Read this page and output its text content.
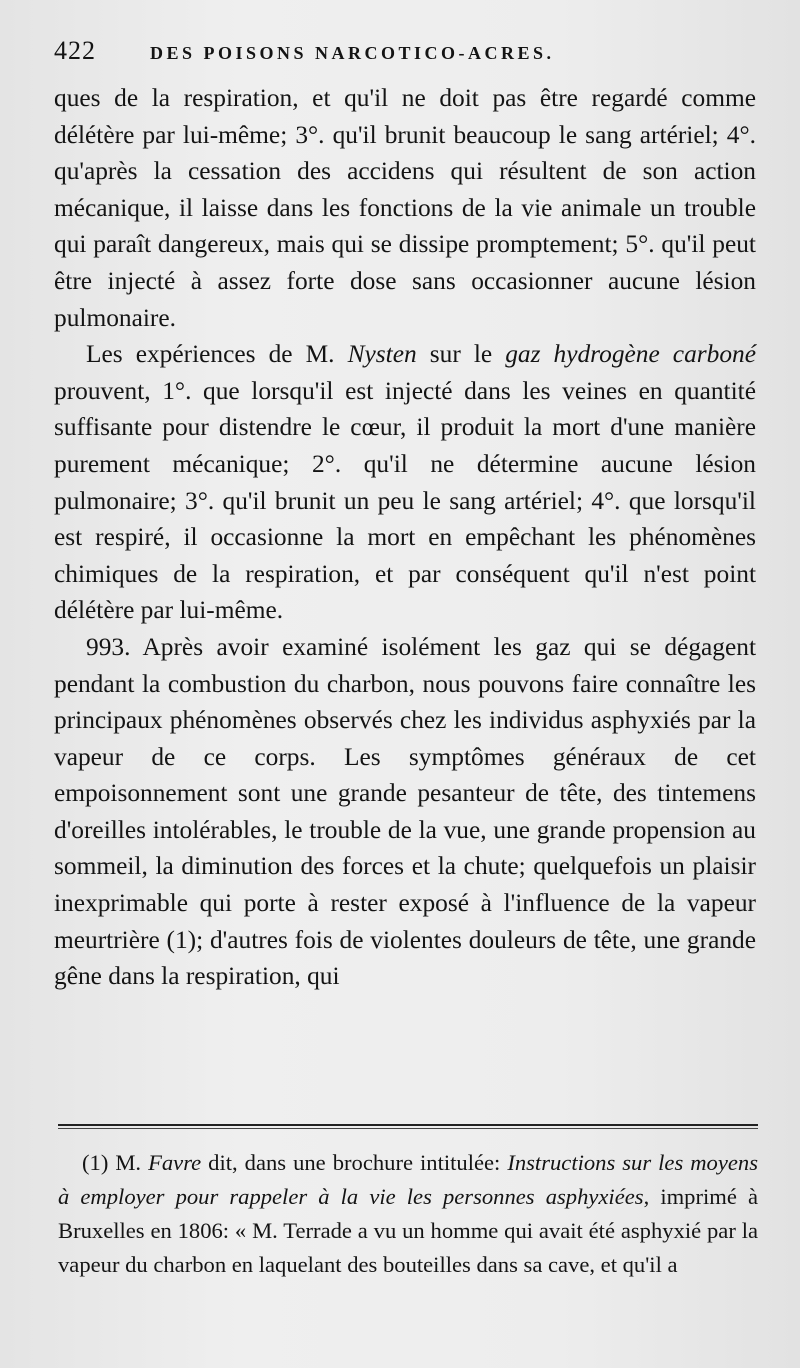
422	DES POISONS NARCOTICO-ACRES.

ques de la respiration, et qu'il ne doit pas être regardé comme délétère par lui-même; 3°. qu'il brunit beaucoup le sang artériel; 4°. qu'après la cessation des accidens qui résultent de son action mécanique, il laisse dans les fonctions de la vie animale un trouble qui paraît dangereux, mais qui se dissipe promptement; 5°. qu'il peut être injecté à assez forte dose sans occasionner aucune lésion pulmonaire.

Les expériences de M. Nysten sur le gaz hydrogène carboné prouvent, 1°. que lorsqu'il est injecté dans les veines en quantité suffisante pour distendre le cœur, il produit la mort d'une manière purement mécanique; 2°. qu'il ne détermine aucune lésion pulmonaire; 3°. qu'il brunit un peu le sang artériel; 4°. que lorsqu'il est respiré, il occasionne la mort en empêchant les phénomènes chimiques de la respiration, et par conséquent qu'il n'est point délétère par lui-même.

993. Après avoir examiné isolément les gaz qui se dégagent pendant la combustion du charbon, nous pouvons faire connaître les principaux phénomènes observés chez les individus asphyxiés par la vapeur de ce corps. Les symptômes généraux de cet empoisonnement sont une grande pesanteur de tête, des tintemens d'oreilles intolérables, le trouble de la vue, une grande propension au sommeil, la diminution des forces et la chute; quelquefois un plaisir inexprimable qui porte à rester exposé à l'influence de la vapeur meurtrière (1); d'autres fois de violentes douleurs de tête, une grande gêne dans la respiration, qui

(1) M. Favre dit, dans une brochure intitulée: Instructions sur les moyens à employer pour rappeler à la vie les personnes asphyxiées, imprimé à Bruxelles en 1806: « M. Terrade a vu un homme qui avait été asphyxié par la vapeur du charbon en laquelant des bouteilles dans sa cave, et qu'il a
